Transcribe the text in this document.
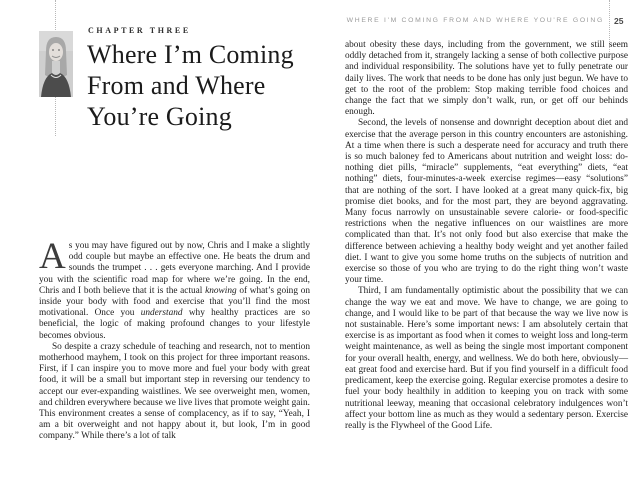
CHAPTER THREE
Where I’m Coming
From and Where
You’re Going

As you may have figured out by now, Chris and I make a slightly odd couple but maybe an effective one. He beats the drum and sounds the trumpet . . . gets everyone marching. And I provide you with the scientific road map for where we’re going. In the end, Chris and I both believe that it is the actual knowing of what’s going on inside your body with food and exercise that you’ll find the most motivational. Once you understand why healthy practices are so beneficial, the logic of making profound changes to your lifestyle becomes obvious.

So despite a crazy schedule of teaching and research, not to mention motherhood mayhem, I took on this project for three important reasons. First, if I can inspire you to move more and fuel your body with great food, it will be a small but important step in reversing our tendency to accept our ever-expanding waistlines. We see overweight men, women, and children everywhere because we live lives that promote weight gain. This environment creates a sense of complacency, as if to say, “Yeah, I am a bit overweight and not happy about it, but look, I’m in good company.” While there’s a lot of talk

WHERE I'M COMING FROM AND WHERE YOU'RE GOING 25

about obesity these days, including from the government, we still seem oddly detached from it, strangely lacking a sense of both collective purpose and individual responsibility. The solutions have yet to fully penetrate our daily lives. The work that needs to be done has only just begun. We have to get to the root of the problem: Stop making terrible food choices and change the fact that we simply don’t walk, run, or get off our behinds enough.

Second, the levels of nonsense and downright deception about diet and exercise that the average person in this country encounters are astonishing. At a time when there is such a desperate need for accuracy and truth there is so much baloney fed to Americans about nutrition and weight loss: do-nothing diet pills, “miracle” supplements, “eat everything” diets, “eat nothing” diets, four-minutes-a-week exercise regimes—easy “solutions” that are nothing of the sort. I have looked at a great many quick-fix, big promise diet books, and for the most part, they are beyond aggravating. Many focus narrowly on unsustainable severe calorie- or food-specific restrictions when the negative influences on our waistlines are more complicated than that. It’s not only food but also exercise that make the difference between achieving a healthy body weight and yet another failed diet. I want to give you some home truths on the subjects of nutrition and exercise so those of you who are trying to do the right thing won’t waste your time.

Third, I am fundamentally optimistic about the possibility that we can change the way we eat and move. We have to change, we are going to change, and I would like to be part of that because the way we live now is not sustainable. Here’s some important news: I am absolutely certain that exercise is as important as food when it comes to weight loss and long-term weight maintenance, as well as being the single most important component for your overall health, energy, and wellness. We do both here, obviously—eat great food and exercise hard. But if you find yourself in a difficult food predicament, keep the exercise going. Regular exercise promotes a desire to fuel your body healthily in addition to keeping you on track with some nutritional leeway, meaning that occasional celebratory indulgences won’t affect your bottom line as much as they would a sedentary person. Exercise really is the Flywheel of the Good Life.
